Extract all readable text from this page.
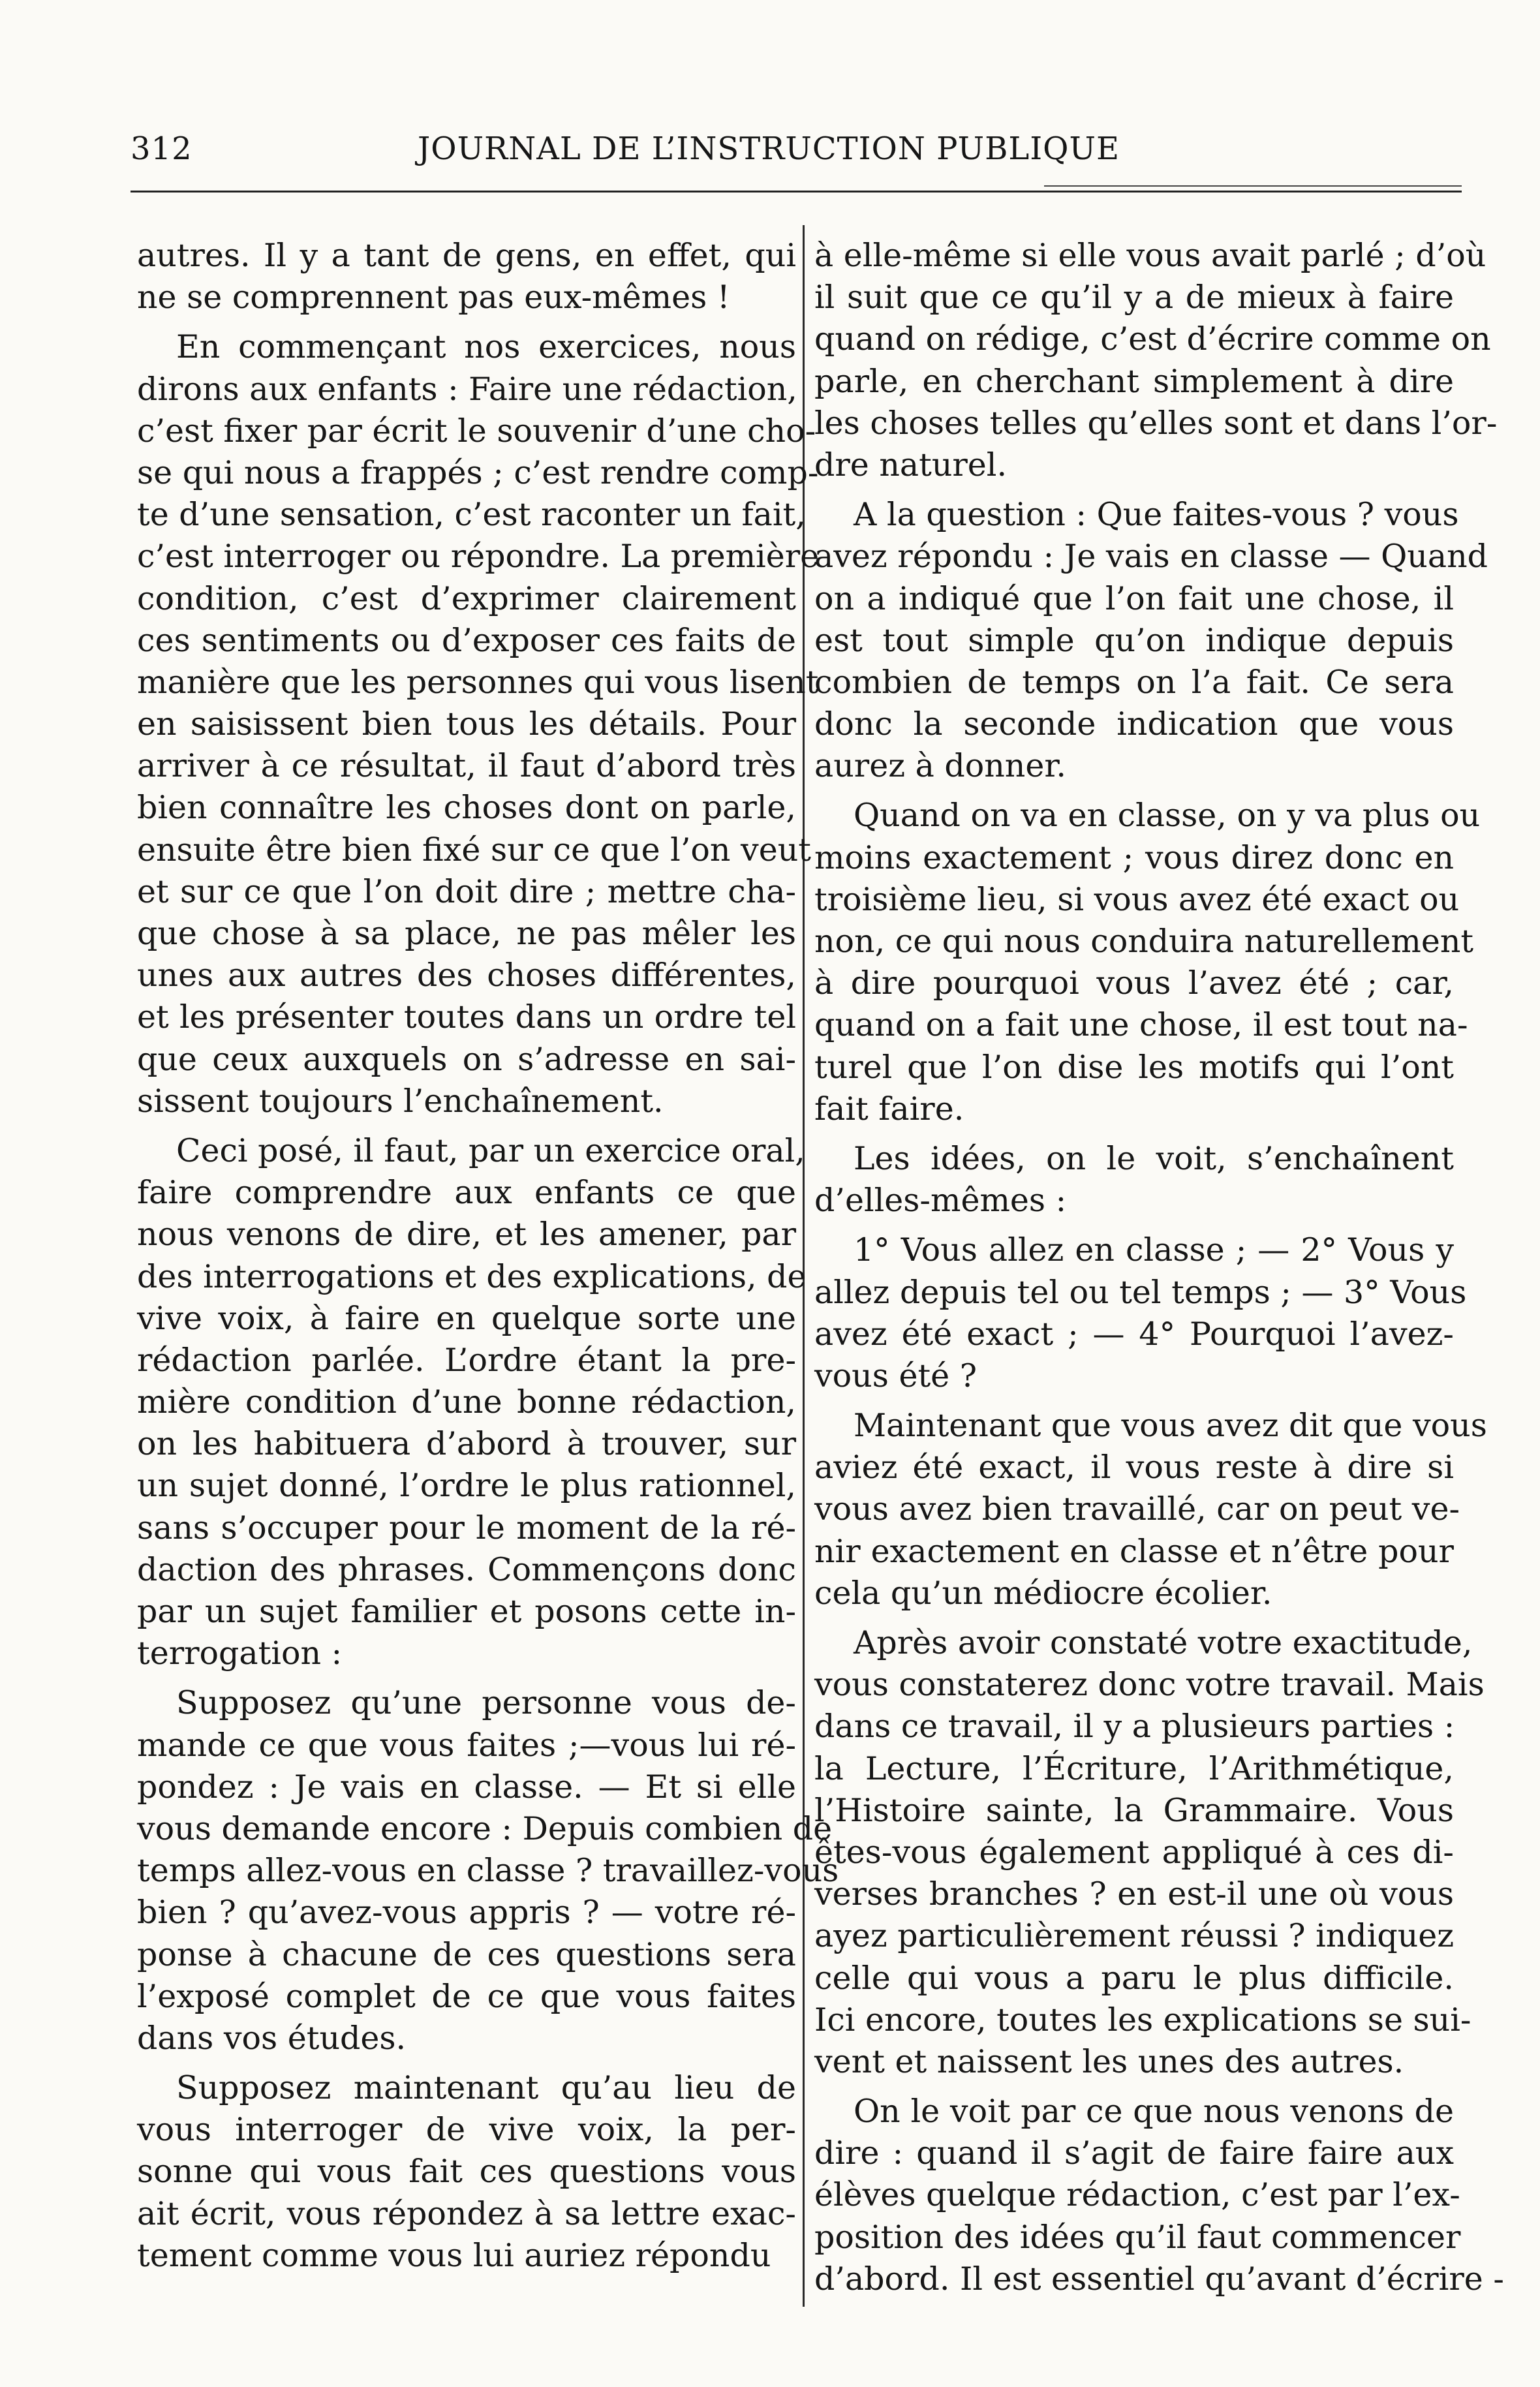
312	JOURNAL DE L’INSTRUCTION PUBLIQUE
autres. Il y a tant de gens, en effet, qui
ne se comprennent pas eux-mêmes !
En commençant nos exercices, nous
dirons aux enfants : Faire une rédaction,
c’est fixer par écrit le souvenir d’une cho-
se qui nous a frappés ; c’est rendre comp-
te d’une sensation, c’est raconter un fait,
c’est interroger ou répondre. La première
condition, c’est d’exprimer clairement
ces sentiments ou d’exposer ces faits de
manière que les personnes qui vous lisent
en saisissent bien tous les détails. Pour
arriver à ce résultat, il faut d’abord très
bien connaître les choses dont on parle,
ensuite être bien fixé sur ce que l’on veut
et sur ce que l’on doit dire ; mettre cha-
que chose à sa place, ne pas mêler les
unes aux autres des choses différentes,
et les présenter toutes dans un ordre tel
que ceux auxquels on s’adresse en sai-
sissent toujours l’enchaînement.
Ceci posé, il faut, par un exercice oral,
faire comprendre aux enfants ce que
nous venons de dire, et les amener, par
des interrogations et des explications, de
vive voix, à faire en quelque sorte une
rédaction parlée. L’ordre étant la pre-
mière condition d’une bonne rédaction,
on les habituera d’abord à trouver, sur
un sujet donné, l’ordre le plus rationnel,
sans s’occuper pour le moment de la ré-
daction des phrases. Commençons donc
par un sujet familier et posons cette in-
terrogation :
Supposez qu’une personne vous de-
mande ce que vous faites ;—vous lui ré-
pondez : Je vais en classe. — Et si elle
vous demande encore : Depuis combien de
temps allez-vous en classe ? travaillez-vous
bien ? qu’avez-vous appris ? — votre ré-
ponse à chacune de ces questions sera
l’exposé complet de ce que vous faites
dans vos études.
Supposez maintenant qu’au lieu de
vous interroger de vive voix, la per-
sonne qui vous fait ces questions vous
ait écrit, vous répondez à sa lettre exac-
tement comme vous lui auriez répondu
à elle-même si elle vous avait parlé ; d’où
il suit que ce qu’il y a de mieux à faire
quand on rédige, c’est d’écrire comme on
parle, en cherchant simplement à dire
les choses telles qu’elles sont et dans l’or-
dre naturel.
A la question : Que faites-vous ? vous
avez répondu : Je vais en classe — Quand
on a indiqué que l’on fait une chose, il
est tout simple qu’on indique depuis
combien de temps on l’a fait. Ce sera
donc la seconde indication que vous
aurez à donner.
Quand on va en classe, on y va plus ou
moins exactement ; vous direz donc en
troisième lieu, si vous avez été exact ou
non, ce qui nous conduira naturellement
à dire pourquoi vous l’avez été ; car,
quand on a fait une chose, il est tout na-
turel que l’on dise les motifs qui l’ont
fait faire.
Les idées, on le voit, s’enchaînent
d’elles-mêmes :
1° Vous allez en classe ; — 2° Vous y
allez depuis tel ou tel temps ; — 3° Vous
avez été exact ; — 4° Pourquoi l’avez-
vous été ?
Maintenant que vous avez dit que vous
aviez été exact, il vous reste à dire si
vous avez bien travaillé, car on peut ve-
nir exactement en classe et n’être pour
cela qu’un médiocre écolier.
Après avoir constaté votre exactitude,
vous constaterez donc votre travail. Mais
dans ce travail, il y a plusieurs parties :
la Lecture, l’Écriture, l’Arithmétique,
l’Histoire sainte, la Grammaire. Vous
êtes-vous également appliqué à ces di-
verses branches ? en est-il une où vous
ayez particulièrement réussi ? indiquez
celle qui vous a paru le plus difficile.
Ici encore, toutes les explications se sui-
vent et naissent les unes des autres.
On le voit par ce que nous venons de
dire : quand il s’agit de faire faire aux
élèves quelque rédaction, c’est par l’ex-
position des idées qu’il faut commencer
d’abord. Il est essentiel qu’avant d’écrire -
